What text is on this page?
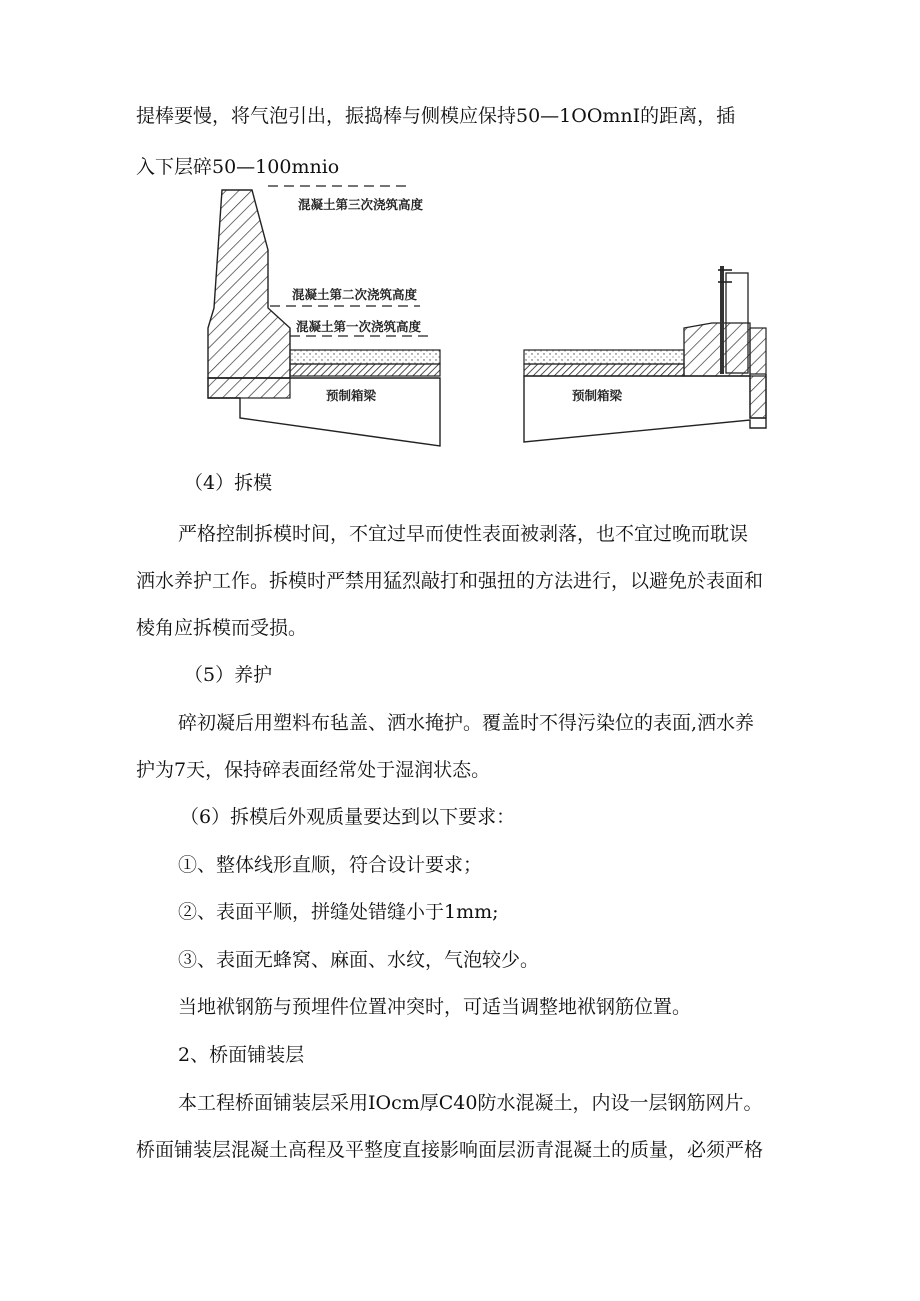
提棒要慢，将气泡引出，振捣棒与侧模应保持50—1OOmnI的距离，插

入下层碎50—100mnio

混凝土第三次浇筑高度
混凝土第二次浇筑高度
混凝土第一次浇筑高度
预制箱梁	预制箱梁

（4）拆模

严格控制拆模时间，不宜过早而使性表面被剥落，也不宜过晚而耽误

洒水养护工作。拆模时严禁用猛烈敲打和强扭的方法进行，以避免於表面和

棱角应拆模而受损。

（5）养护

碎初凝后用塑料布毡盖、洒水掩护。覆盖时不得污染位的表面,洒水养

护为7天，保持碎表面经常处于湿润状态。

（6）拆模后外观质量要达到以下要求：

①、整体线形直顺，符合设计要求；

②、表面平顺，拼缝处错缝小于1mm;

③、表面无蜂窝、麻面、水纹，气泡较少。

当地袱钢筋与预埋件位置冲突时，可适当调整地袱钢筋位置。

2、桥面铺装层

本工程桥面铺装层采用IOcm厚C40防水混凝土，内设一层钢筋网片。

桥面铺装层混凝土高程及平整度直接影响面层沥青混凝土的质量，必须严格
